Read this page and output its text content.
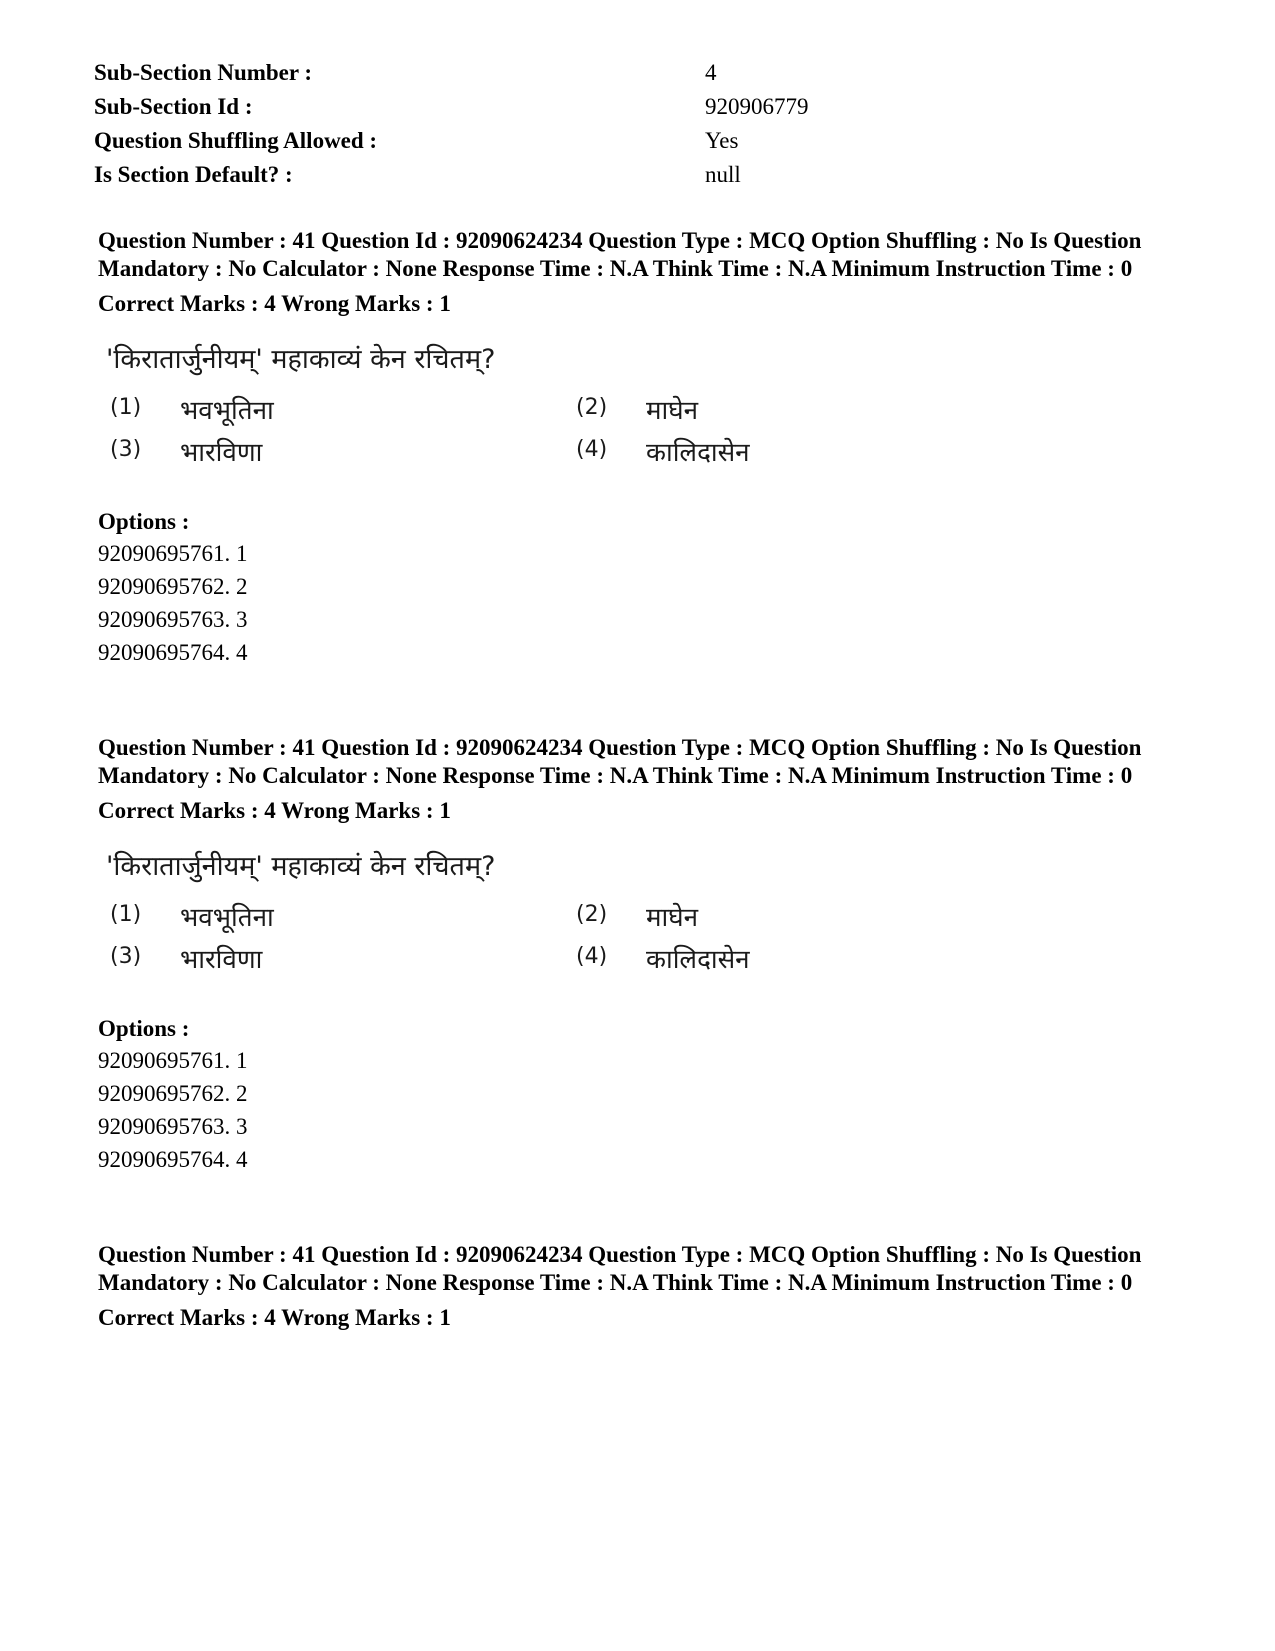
Sub-Section Number :	4
Sub-Section Id :	920906779
Question Shuffling Allowed :	Yes
Is Section Default? :	null
Question Number : 41 Question Id : 92090624234 Question Type : MCQ Option Shuffling : No Is Question Mandatory : No Calculator : None Response Time : N.A Think Time : N.A Minimum Instruction Time : 0
Correct Marks : 4 Wrong Marks : 1
'किरातार्जुनीयम्' महाकाव्यं केन रचितम्?
(1) भवभूतिना	(2) माघेन
(3) भारविणा	(4) कालिदासेन
Options :
92090695761. 1
92090695762. 2
92090695763. 3
92090695764. 4
Question Number : 41 Question Id : 92090624234 Question Type : MCQ Option Shuffling : No Is Question Mandatory : No Calculator : None Response Time : N.A Think Time : N.A Minimum Instruction Time : 0
Correct Marks : 4 Wrong Marks : 1
'किरातार्जुनीयम्' महाकाव्यं केन रचितम्?
(1) भवभूतिना	(2) माघेन
(3) भारविणा	(4) कालिदासेन
Options :
92090695761. 1
92090695762. 2
92090695763. 3
92090695764. 4
Question Number : 41 Question Id : 92090624234 Question Type : MCQ Option Shuffling : No Is Question Mandatory : No Calculator : None Response Time : N.A Think Time : N.A Minimum Instruction Time : 0
Correct Marks : 4 Wrong Marks : 1
